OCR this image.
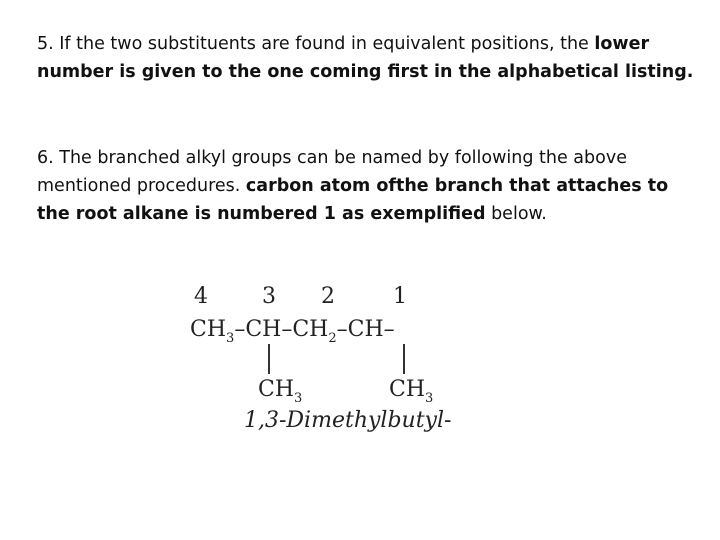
5. If the two substituents are found in equivalent positions, the lower number is given to the one coming first in the alphabetical listing.

6. The branched alkyl groups can be named by following the above mentioned procedures. carbon atom ofthe branch that attaches to the root alkane is numbered 1 as exemplified below.

4 3 2	1
$CH_3-CH-CH_2-CH-$
$CH_3$	$CH_3$
1,3-Dimethylbutyl-
